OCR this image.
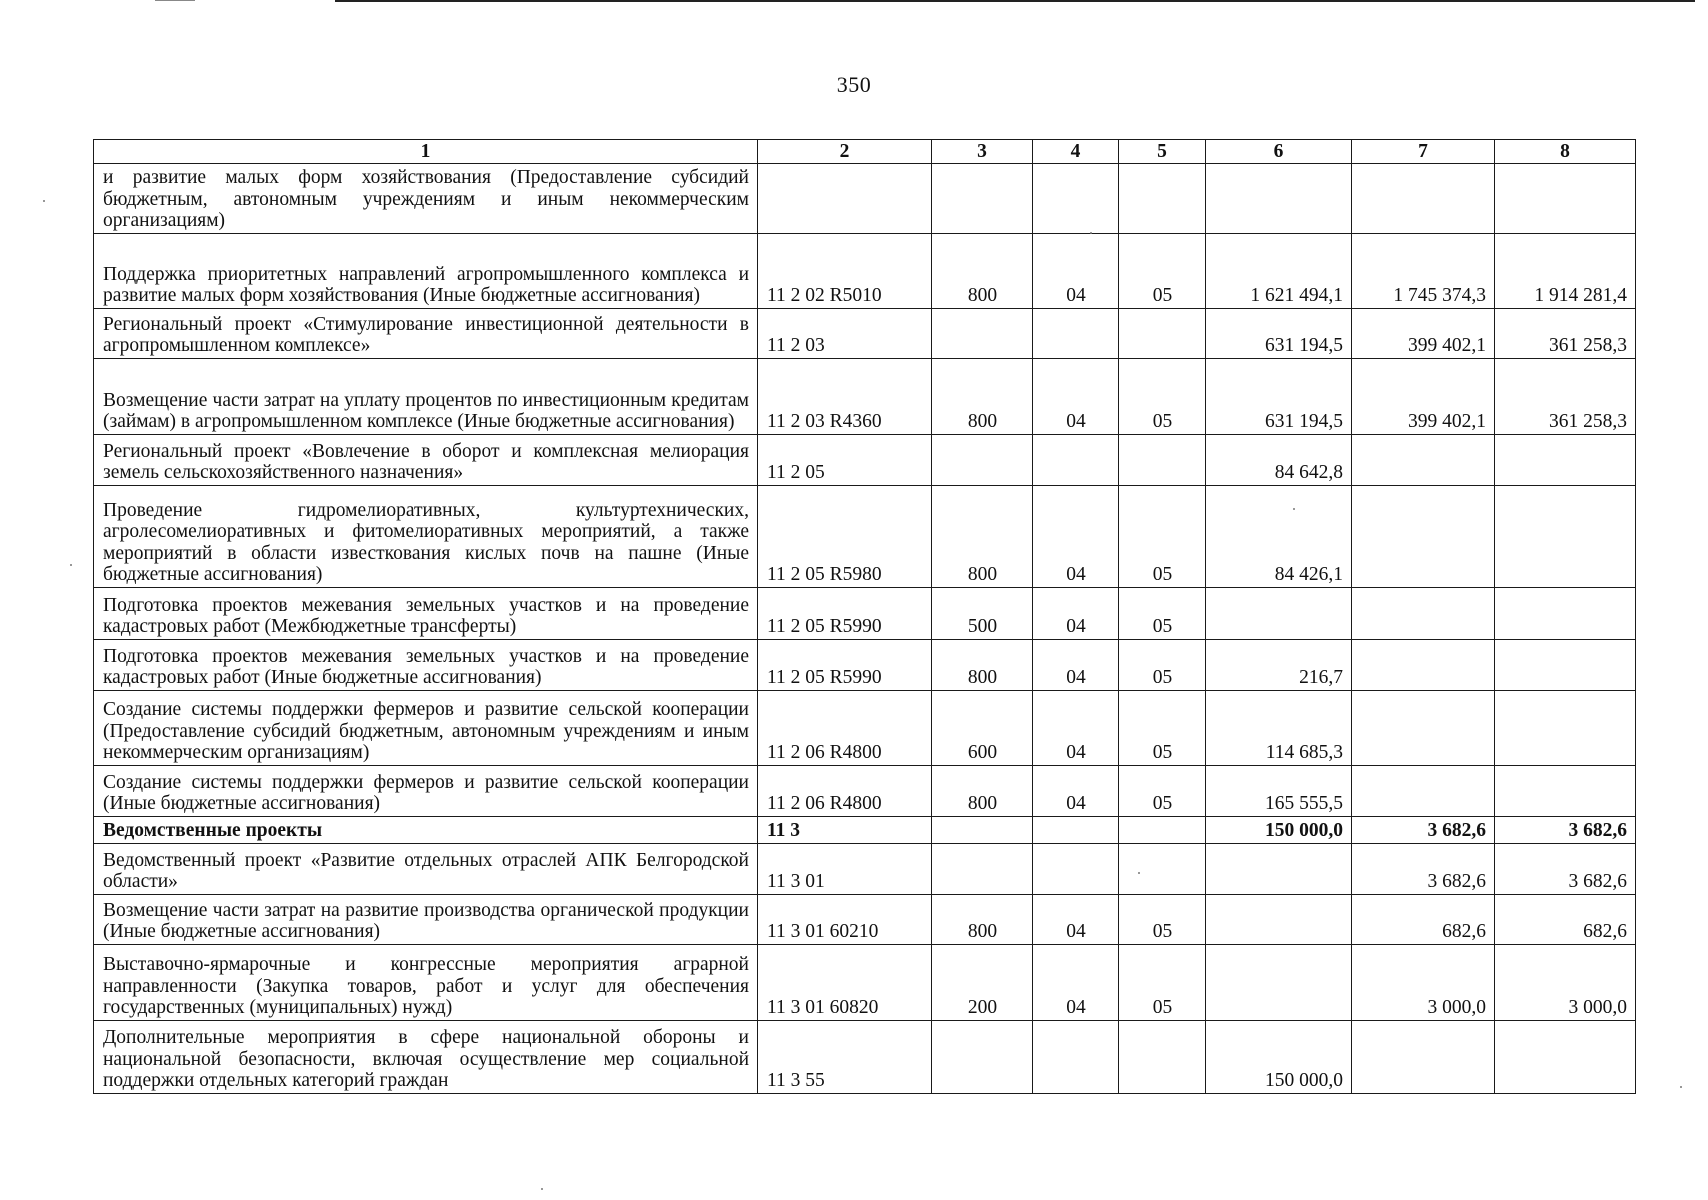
350
1	2	3	4	5	6	7	8
и развитие малых форм хозяйствования (Предоставление субсидий бюджетным, автономным учреждениям и иным некоммерческим организациям)							
Поддержка приоритетных направлений агропромышленного комплекса и развитие малых форм хозяйствования (Иные бюджетные ассигнования)	11 2 02 R5010	800	04	05	1 621 494,1	1 745 374,3	1 914 281,4
Региональный проект «Стимулирование инвестиционной деятельности в агропромышленном комплексе»	11 2 03				631 194,5	399 402,1	361 258,3
Возмещение части затрат на уплату процентов по инвестиционным кредитам (займам) в агропромышленном комплексе (Иные бюджетные ассигнования)	11 2 03 R4360	800	04	05	631 194,5	399 402,1	361 258,3
Региональный проект «Вовлечение в оборот и комплексная мелиорация земель сельскохозяйственного назначения»	11 2 05				84 642,8		
Проведение гидромелиоративных, культуртехнических, агролесомелиоративных и фитомелиоративных мероприятий, а также мероприятий в области известкования кислых почв на пашне (Иные бюджетные ассигнования)	11 2 05 R5980	800	04	05	84 426,1		
Подготовка проектов межевания земельных участков и на проведение кадастровых работ (Межбюджетные трансферты)	11 2 05 R5990	500	04	05			
Подготовка проектов межевания земельных участков и на проведение кадастровых работ (Иные бюджетные ассигнования)	11 2 05 R5990	800	04	05	216,7		
Создание системы поддержки фермеров и развитие сельской кооперации (Предоставление субсидий бюджетным, автономным учреждениям и иным некоммерческим организациям)	11 2 06 R4800	600	04	05	114 685,3		
Создание системы поддержки фермеров и развитие сельской кооперации (Иные бюджетные ассигнования)	11 2 06 R4800	800	04	05	165 555,5		
Ведомственные проекты	11 3				150 000,0	3 682,6	3 682,6
Ведомственный проект «Развитие отдельных отраслей АПК Белгородской области»	11 3 01					3 682,6	3 682,6
Возмещение части затрат на развитие производства органической продукции (Иные бюджетные ассигнования)	11 3 01 60210	800	04	05		682,6	682,6
Выставочно-ярмарочные и конгрессные мероприятия аграрной направленности (Закупка товаров, работ и услуг для обеспечения государственных (муниципальных) нужд)	11 3 01 60820	200	04	05		3 000,0	3 000,0
Дополнительные мероприятия в сфере национальной обороны и национальной безопасности, включая осуществление мер социальной поддержки отдельных категорий граждан	11 3 55				150 000,0		
